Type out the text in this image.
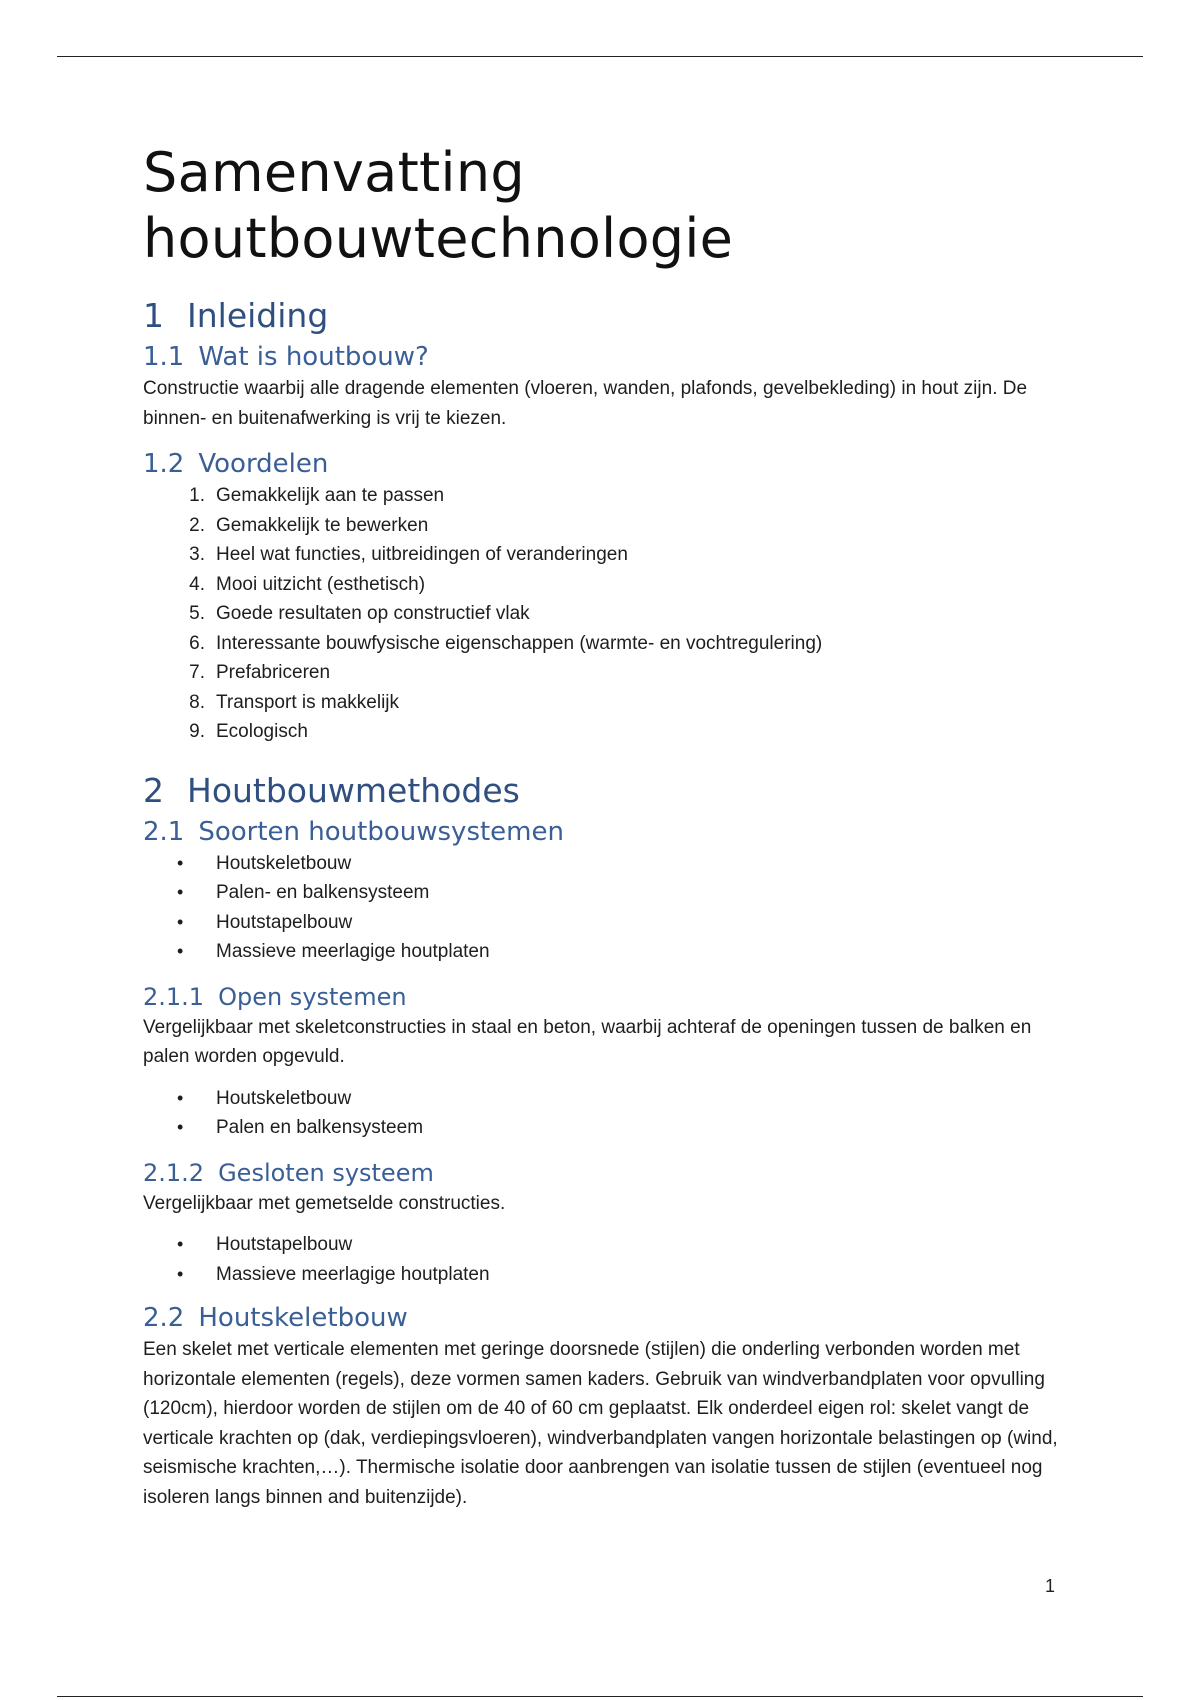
Samenvatting houtbouwtechnologie
1 Inleiding
1.1 Wat is houtbouw?

Constructie waarbij alle dragende elementen (vloeren, wanden, plafonds, gevelbekleding) in hout zijn. De binnen- en buitenafwerking is vrij te kiezen.

1.2 Voordelen
1. Gemakkelijk aan te passen
2. Gemakkelijk te bewerken
3. Heel wat functies, uitbreidingen of veranderingen
4. Mooi uitzicht (esthetisch)
5. Goede resultaten op constructief vlak
6. Interessante bouwfysische eigenschappen (warmte- en vochtregulering)
7. Prefabriceren
8. Transport is makkelijk
9. Ecologisch
2 Houtbouwmethodes
2.1 Soorten houtbouwsystemen
•	Houtskeletbouw
•	Palen- en balkensysteem
•	Houtstapelbouw
•	Massieve meerlagige houtplaten
2.1.1 Open systemen

Vergelijkbaar met skeletconstructies in staal en beton, waarbij achteraf de openingen tussen de balken en palen worden opgevuld.

•	Houtskeletbouw
•	Palen en balkensysteem
2.1.2 Gesloten systeem

Vergelijkbaar met gemetselde constructies.

•	Houtstapelbouw
•	Massieve meerlagige houtplaten
2.2 Houtskeletbouw

Een skelet met verticale elementen met geringe doorsnede (stijlen) die onderling verbonden worden met horizontale elementen (regels), deze vormen samen kaders. Gebruik van windverbandplaten voor opvulling (120cm), hierdoor worden de stijlen om de 40 of 60 cm geplaatst. Elk onderdeel eigen rol: skelet vangt de verticale krachten op (dak, verdiepingsvloeren), windverbandplaten vangen horizontale belastingen op (wind, seismische krachten,…). Thermische isolatie door aanbrengen van isolatie tussen de stijlen (eventueel nog isoleren langs binnen and buitenzijde).

1
